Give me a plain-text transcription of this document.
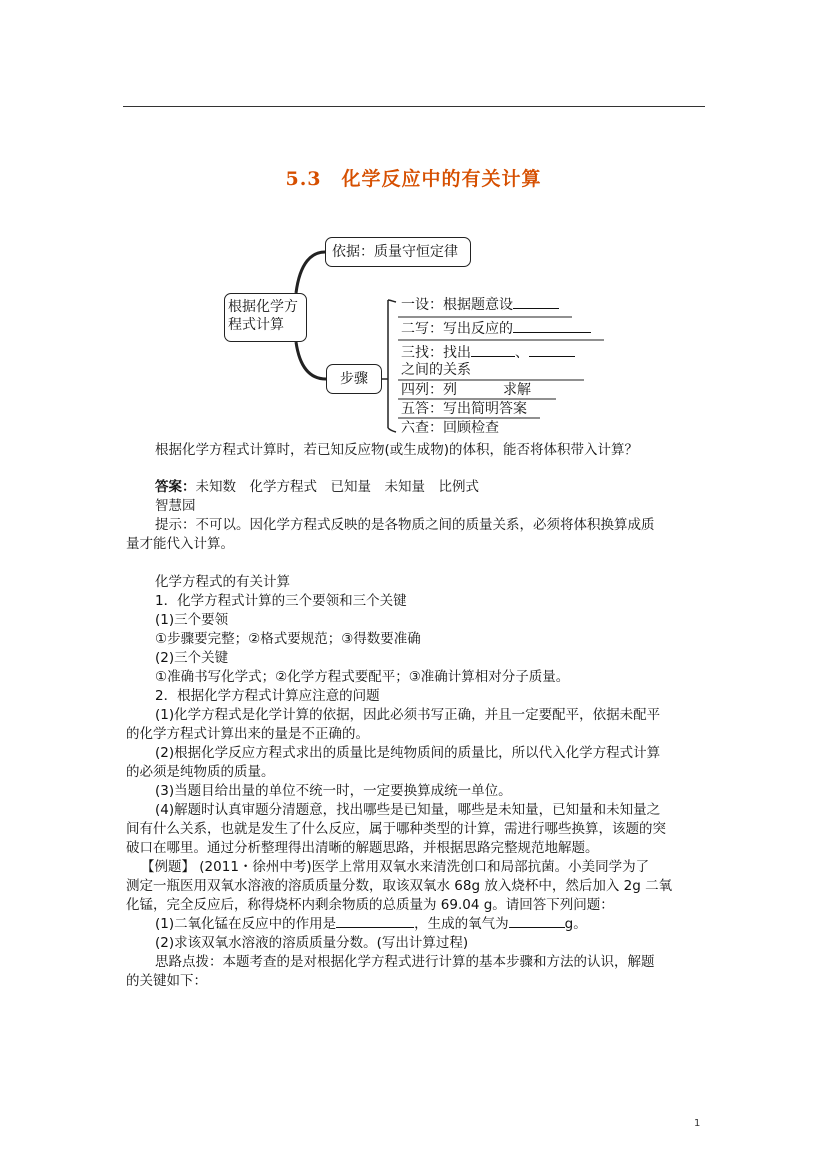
5.3　化学反应中的有关计算
根据化学方程式计算
依据：质量守恒定律
步骤
一设：根据题意设
二写：写出反应的
三找：找出	、
之间的关系
四列：列	求解
五答：写出简明答案
六查：回顾检查
根据化学方程式计算时，若已知反应物(或生成物)的体积，能否将体积带入计算？
答案：未知数　化学方程式　已知量　未知量　比例式
智慧园
提示：不可以。因化学方程式反映的是各物质之间的质量关系，必须将体积换算成质
量才能代入计算。
化学方程式的有关计算
1．化学方程式计算的三个要领和三个关键
(1)三个要领
①步骤要完整；②格式要规范；③得数要准确
(2)三个关键
①准确书写化学式；②化学方程式要配平；③准确计算相对分子质量。
2．根据化学方程式计算应注意的问题
(1)化学方程式是化学计算的依据，因此必须书写正确，并且一定要配平，依据未配平
的化学方程式计算出来的量是不正确的。
(2)根据化学反应方程式求出的质量比是纯物质间的质量比，所以代入化学方程式计算
的必须是纯物质的质量。
(3)当题目给出量的单位不统一时，一定要换算成统一单位。
(4)解题时认真审题分清题意，找出哪些是已知量，哪些是未知量，已知量和未知量之
间有什么关系，也就是发生了什么反应，属于哪种类型的计算，需进行哪些换算，该题的突
破口在哪里。通过分析整理得出清晰的解题思路，并根据思路完整规范地解题。
【例题】 (2011・徐州中考)医学上常用双氧水来清洗创口和局部抗菌。小美同学为了
测定一瓶医用双氧水溶液的溶质质量分数，取该双氧水 68g 放入烧杯中，然后加入 2g 二氧
化锰，完全反应后，称得烧杯内剩余物质的总质量为 69.04 g。请回答下列问题：
(1)二氧化锰在反应中的作用是	，生成的氧气为	g。
(2)求该双氧水溶液的溶质质量分数。(写出计算过程)
思路点拨：本题考查的是对根据化学方程式进行计算的基本步骤和方法的认识，解题
的关键如下：
1
